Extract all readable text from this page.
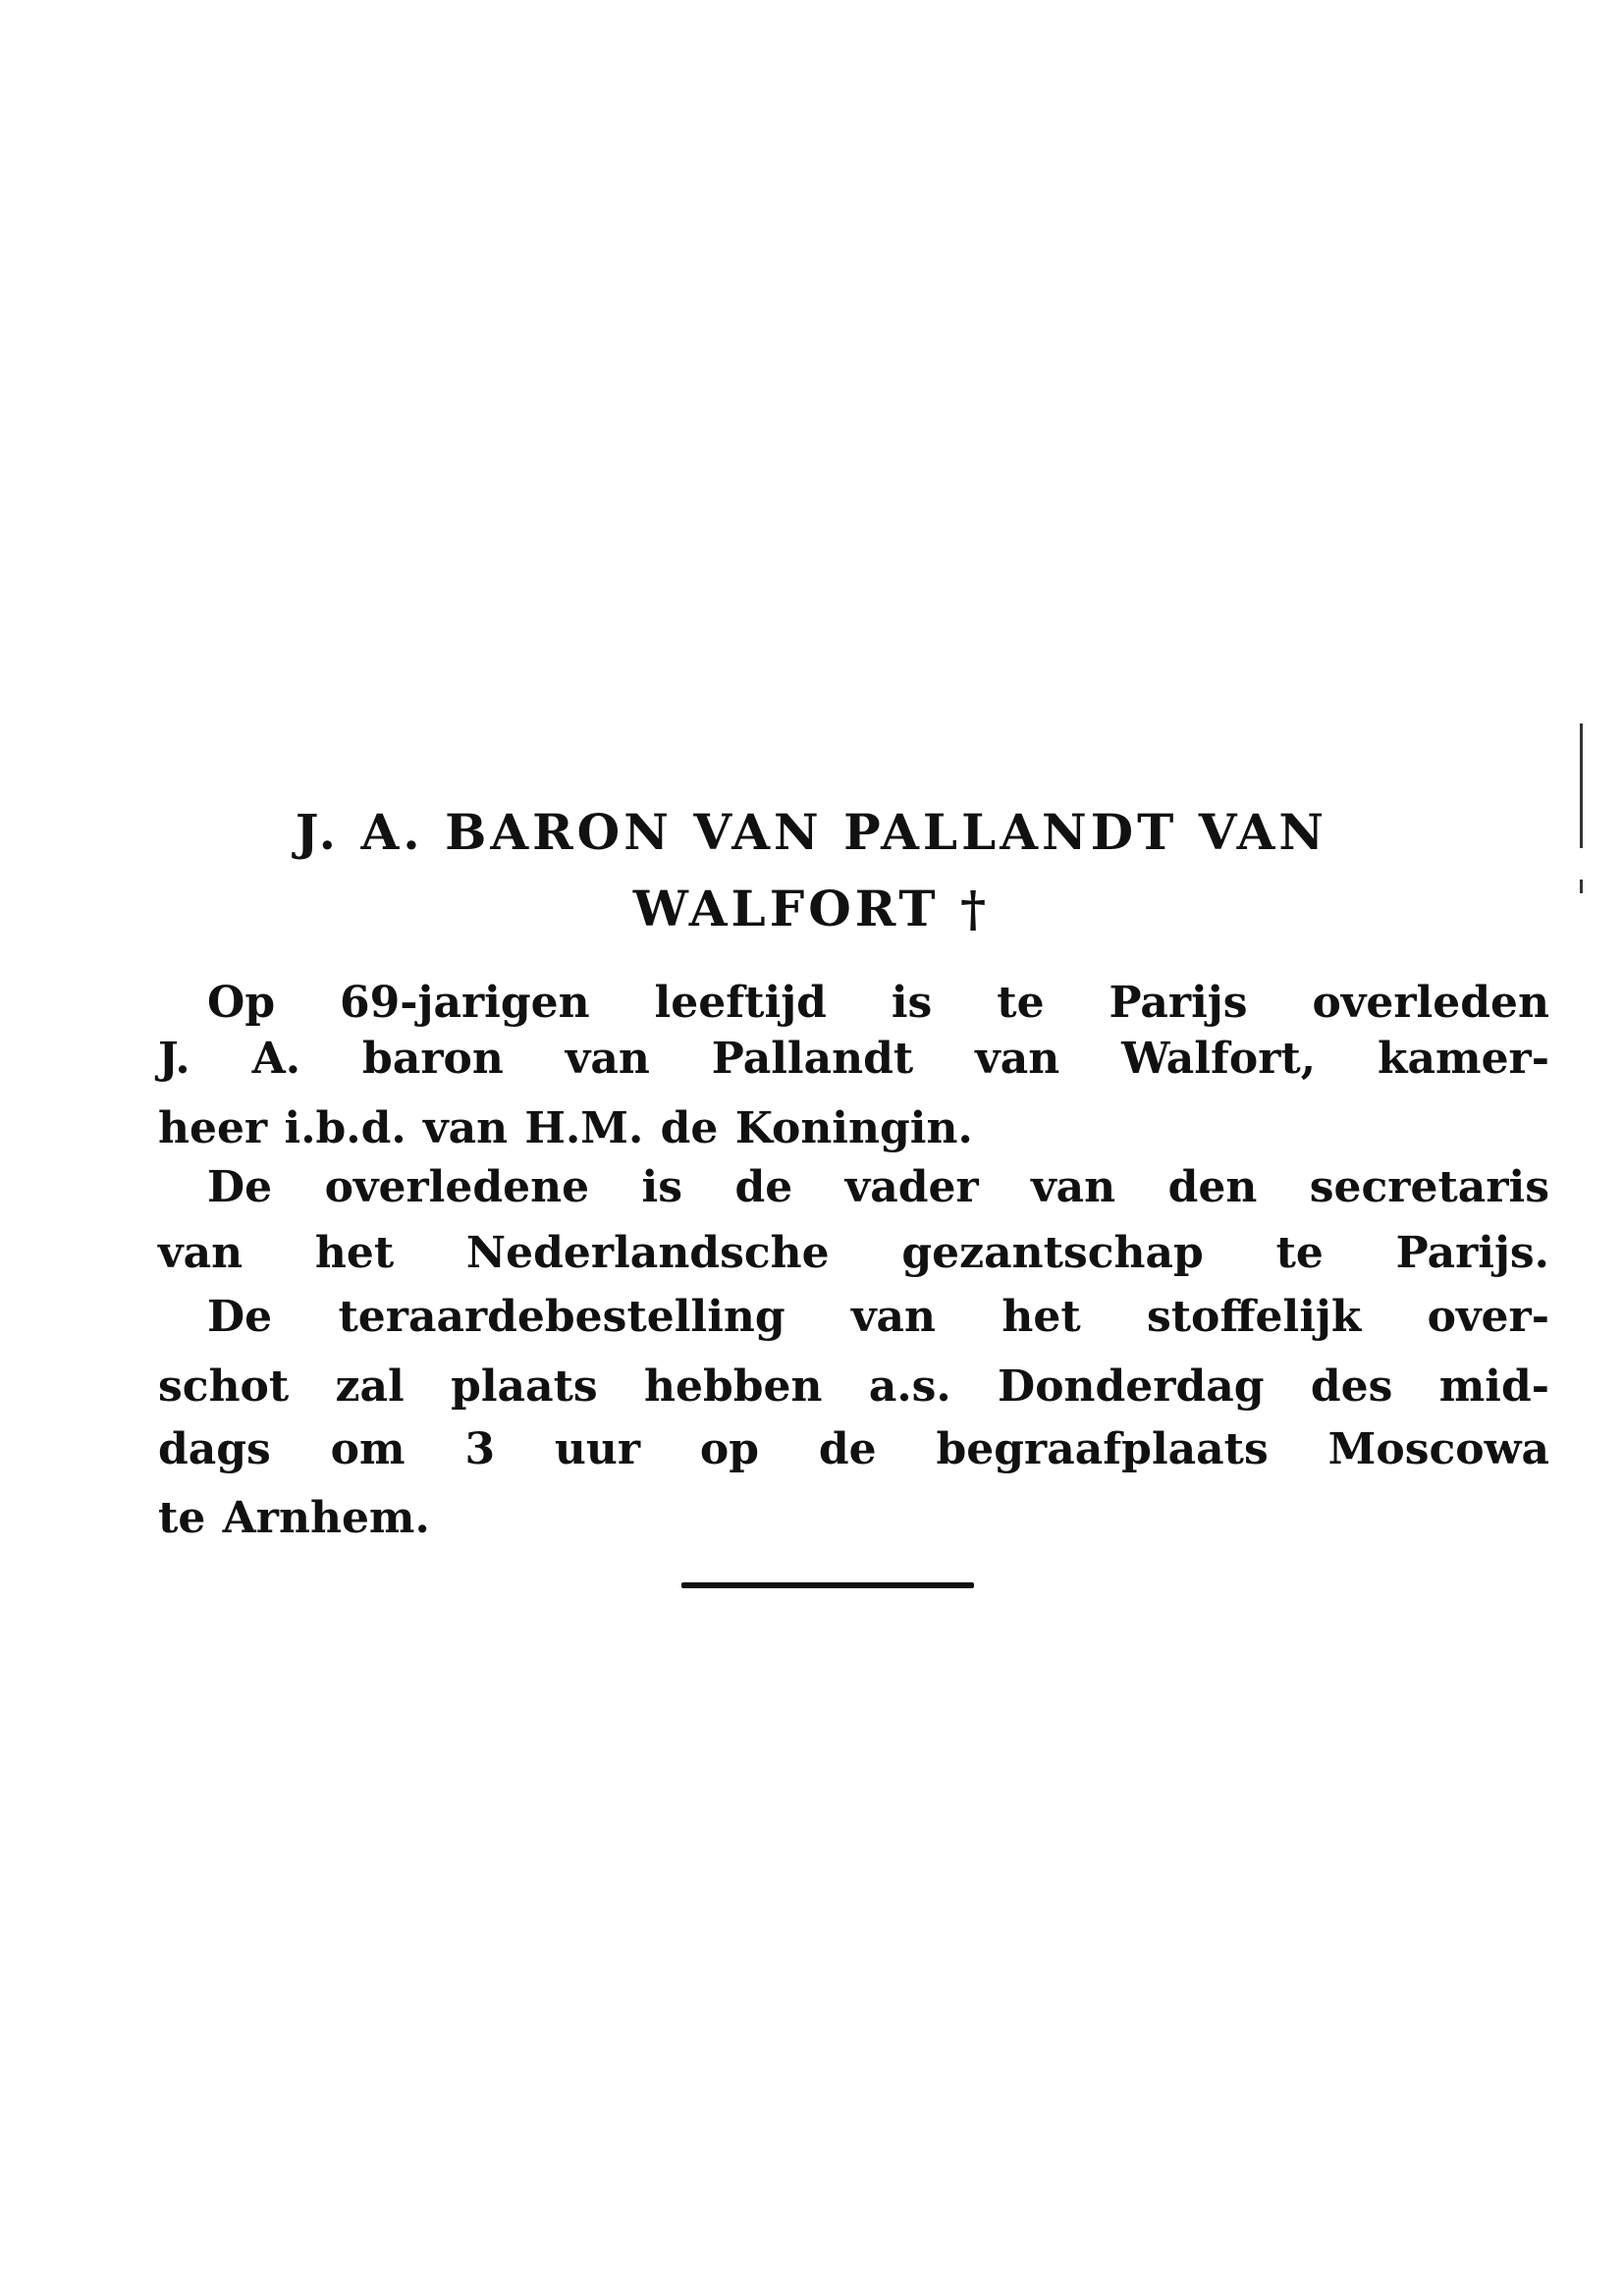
J. A. BARON VAN PALLANDT VAN
WALFORT †
Op 69-jarigen leeftijd is te Parijs overleden
J. A. baron van Pallandt van Walfort, kamer-
heer i.b.d. van H.M. de Koningin.
De overledene is de vader van den secretaris
van het Nederlandsche gezantschap te Parijs.
De teraardebestelling van het stoffelijk over-
schot zal plaats hebben a.s. Donderdag des mid-
dags om 3 uur op de begraafplaats Moscowa
te Arnhem.
